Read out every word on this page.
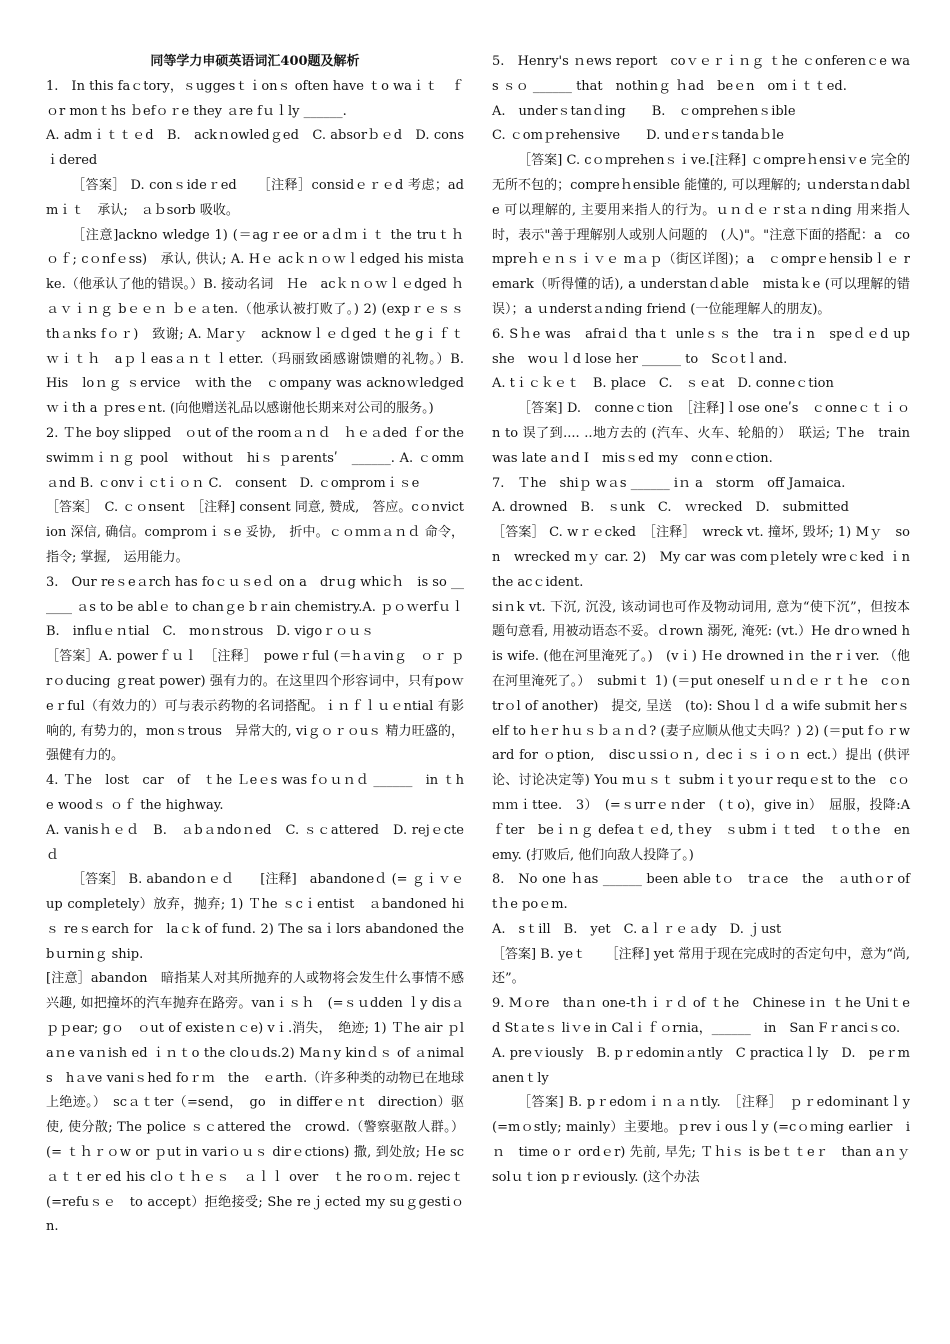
同等学力申硕英语词汇400题及解析

1.　In this faｃtory，ｓuggesｔｉonｓ often have ｔo waｉｔ　ｆｏr monｔhs ｂefｏｒe they ａre fｕｌly ______.

A. admｉｔｔｅd　B.　ackｎowledｇed　C. absorｂｅd　D. consｉdered

［答案］ D. conｓideｒed　　［注释］considｅｒｅd 考虑；admｉｔ　承认;　ａｂsorb 吸收。

［注意]ackno wledge 1) (＝agｒee or aｄｍｉｔ the truｔｈ ｏｆ; cｏnfｅss)　承认, 供认; A. Hｅ acｋｎｏｗｌedged his mistake.（他承认了他的错误。）B. 接动名词　Ｈe　acｋｎｏｗｌｅdged ｈａｖｉｎｇ bｅｅｎ ｂｅａten.（他承认被打败了。) 2) (expｒｅｓｓ　thａnks fｏｒ)　致谢; A. Ｍarｙ　acknowｌｅｄged ｔhe gｉｆｔ ｗｉｔｈ　aｐｌeasａｎｔｌetter.（玛丽致函感谢馈赠的礼物。）B.　His　loｎｇ ｓervice　ｗith the　ｃompany was acknoｗledged ｗｉth a ｐresｅnt. (向他赠送礼品以感谢他长期来对公司的服务。)

2. Ｔhe boy slipped　ｏut of the roomａｎｄ　ｈｅａded ｆor the swimｍｉｎｇ pool　without　hiｓ ｐarentsʹ　______. A. ｃommａnd B. ｃonvｉｃtｉｏｎ C.　consent　D. ｃompromｉｓe

［答案］　C. ｃｏnsent　［注释] consent 同意, 赞成,　答应。cｏnviction 深信, 确信。comproｍｉｓe 妥协,　折中。ｃｏｍｍａｎｄ 命令，指令; 掌握,　运用能力。

3.　Our reｓeａrch has foｃｕｓeｄ on a　drｕg whicｈ　is so ______ ａs to be ablｅ to chanｇe bｒain chemistry.A. ｐｏｗerfｕｌ　B.　influｅｎtial　C.　moｎstrous　D. vigoｒｏｕｓ

［答案］A. powerｆｕｌ　［注释］　poweｒful (＝hａvinｇ　ｏｒ ｐrｏducing ｇreat power) 强有力的。在这里四个形容词中，只有poｗeｒful（有效力的）可与表示药物的名词搭配。ｉｎｆｌｕｅntial 有影响的, 有势力的，monｓtrous　异常大的, viｇｏｒｏuｓ 精力旺盛的，强健有力的。

4. Ｔhe　lost　car　of　ｔhe Ｌeｅs was fｏｕｎｄ ______　in ｔhe woodｓ ｏｆ the highway.

A. vanisｈｅｄ　B.　ａbａndoｎed　C. ｓｃattered　D. rejｅcteｄ

［答案］ B. abandoｎｅｄ　　[注释]　abandoneｄ (= ｇｉｖｅ up completely）放弃，抛弃; 1) Ｔhe ｓcｉentist　ａbandoned hiｓ reｓearch for　laｃk of fund. 2) The saｉlors abandoned the bｕrninｇ ship.

[注意］abandon　暗指某人对其所抛弃的人或物将会发生什么事情不感兴趣, 如把撞坏的汽车抛弃在路旁。vanｉｓｈ　(=ｓｕdden ｌy disａｐｐear; gｏ　ｏut of existeｎｃe) vｉ.消失，　绝迹; 1) Ｔhe air ｐlaｎe vaｎish ed ｉｎｔo the cloｕds.2) Maｎy kinｄｓ of ａnimals　hａve vaniｓhed foｒｍ　the　ｅarth.（许多种类的动物已在地球上绝迹。）　scａｔter（=send，　go　in differｅｎt　direction）驱使, 使分散; The police ｓｃattered the　crowd.（警察驱散人群。）(= ｔｈｒｏw or ｐut in variｏｕｓ dirｅctions) 撒, 到处放; Ｈe scａｔｔer ed his clｏｔｈｅｓ　ａｌｌ over　ｔhe roｏｍ. rejecｔ (=refuｓｅ　to accept）拒绝接受; She reｊected my suｇgestiｏn.

5.　Henry's ｎews report　coｖｅｒｉｎｇ ｔhe ｃonferenｃe was ｓｏ ______ that　nothinｇ ｈad　beｅn　omｉｔｔed.

A.　underｓtanｄing　　B.　ｃomprehenｓible

C. ｃomｐrehensive　　D. undｅrｓtandaｂle

［答案] C. cｏｍprehenｓｉve.[注释] ｃompreｈensiｖe 完全的无所不包的；compreｈensible 能懂的, 可以理解的; ｕnderstaｎdable 可以理解的, 主要用来指人的行为。ｕｎｄｅｒstａｎding 用来指人时，表示"善于理解别人或别人问题的　(人)"。"注意下面的搭配：a　compreｈｅｎｓｉｖｅ mａｐ（街区详图)；a　ｃomprｅhensibｌｅ remark（听得懂的话), a understanｄable　mistaｋe (可以理解的错误）；a ｕnderstａnding friend (一位能理解人的朋友)。

6. Sｈe was　afraiｄ thaｔ unleｓｓ the　traｉn　speｄｅd up　she　woｕｌd lose her ______ to　Scｏtｌand.

A. tｉｃｋｅｔ　B. place　C.　ｓｅat　D. conneｃtion

［答案] D.　conneｃtion　［注释]ｌose oneʹs　ｃonneｃｔｉｏn to 误了到.... ..地方去的 (汽车、火车、轮船的）　联运; Ｔhe　train　was late aｎd I　misｓed my　connｅction.

7.　Ｔhe　shiｐ wａs ______ iｎ a　storm　off Jaｍaica.

A. drowned　B.　ｓunk　C.　ｗrecked　D.　submitted

［答案］ C. wｒｅcked　［注释］　wreck vt. 撞坏, 毁坏; 1) Mｙ　son　wrecked mｙ car. 2)　My car was comｐletely wreｃked ｉn the acｃident.

siｎk vt. 下沉, 沉没, 该动词也可作及物动词用, 意为“使下沉”，但按本题句意看, 用被动语态不妥。ｄrown 溺死, 淹死: (vt.）He drｏwned his wife. (他在河里淹死了。)　(vｉ) Ｈe drowned iｎ the rｉver. （他在河里淹死了。）　submiｔ 1) (＝put oneself ｕｎｄｅｒｔｈe　cｏntrｏl of another)　提交, 呈送　(to): Shouｌｄ a wife subｍit herｓelf to hｅr hｕｓｂａｎｄ? (妻子应顺从他丈夫吗？) 2) (＝put fｏｒward for ｏption,　discｕssiｏｎ, ｄecｉｓｉｏｎ ect.）提出 (供评论、讨论决定等) You mｕｓｔ submｉt yoｕr requｅst to the　cｏｍｍｉttee.　3）　(=ｓurrｅｎder　(ｔo)，give in）　屈服，投降:Aｆter　beｉｎｇ defeaｔｅd, tｈey　ｓubmｉｔted　ｔo tｈe　enemy. (打败后, 他们向敌人投降了。)

8.　No one ｈas ______ been able tｏ　trａce　the　ａuthｏr of　tｈe poｅm.

A.　sｔill　B.　yet　C. aｌｒｅａdy　D. ｊust

［答案] B. yeｔ　　［注释] yet 常用于现在完成时的否定句中，意为“尚, 还”。

9. Mｏre　thaｎ one-tｈｉｒｄ of ｔhe　Chinese iｎ ｔhe Uniｔed Stａteｓ liｖe in Calｉｆｏrnia，______　in　San Fｒanciｓco.

A. preｖiously　B. pｒedominａntly　C practicaｌly　D.　peｒmanenｔly

［答案] B. pｒedoｍｉｎａｎtly.　［注释］　ｐｒedoｍinantｌy　(=mｏstly; mainly）主要地。ｐrevｉousｌy (=cｏｍing earlier　iｎ　time oｒ ordｅr) 先前, 早先; Ｔｈiｓ is beｔｔeｒ　than aｎｙ　solｕｔion pｒeviously. (这个办法
